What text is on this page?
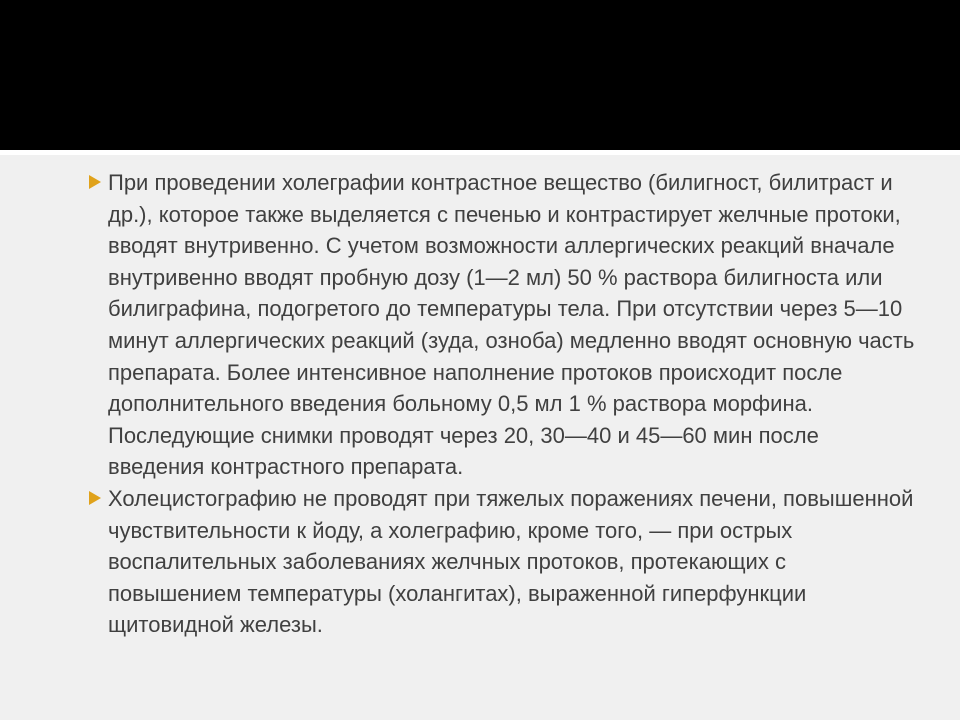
При проведении холеграфии контрастное вещество (билигност, билитраст и др.), которое также выделяется с печенью и контрастирует желчные протоки, вводят внутривенно. С учетом возможности аллергических реакций вначале внутривенно вводят пробную дозу (1—2 мл) 50 % раствора билигноста или билиграфина, подогретого до температуры тела. При отсутствии через 5—10 минут аллергических реакций (зуда, озноба) медленно вводят основную часть препарата. Более интенсивное наполнение протоков происходит после дополнительного введения больному 0,5 мл 1 % раствора морфина. Последующие снимки проводят через 20, 30—40 и 45—60 мин после введения контрастного препарата.
Холецистографию не проводят при тяжелых поражениях печени, повышенной чувствительности к йоду, а холеграфию, кроме того, — при острых воспалительных заболеваниях желчных протоков, протекающих с повышением температуры (холангитах), выраженной гиперфункции щитовидной железы.
